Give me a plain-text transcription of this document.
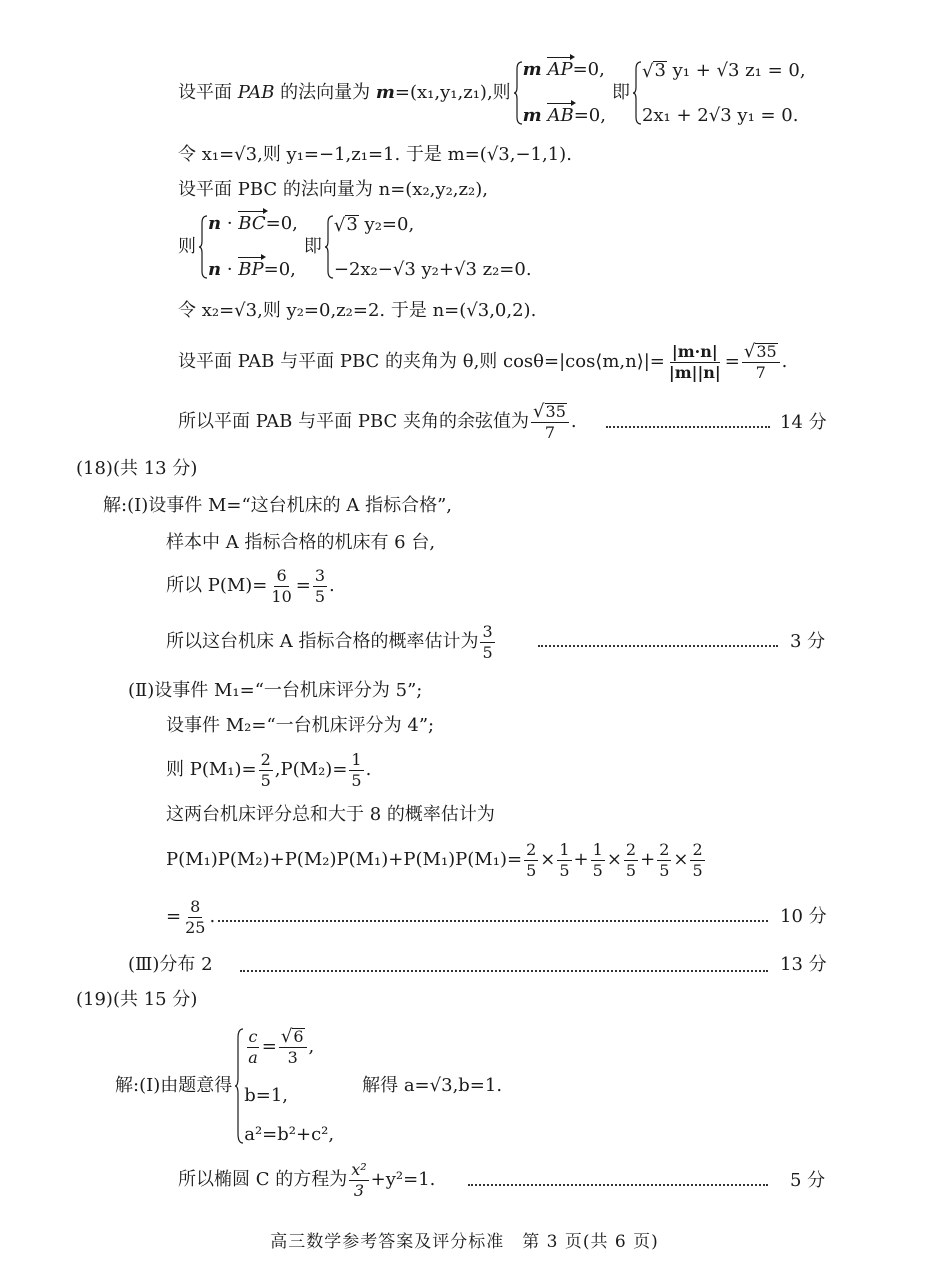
设平面 PAB 的法向量为 m=(x₁,y₁,z₁),则
m
AP =0,
m
AB =0,
即
√ 3
y₁ + √3 z₁ = 0,
2x₁ + 2√3 y₁ = 0.
令 x₁=√3,则 y₁=−1,z₁=1. 于是 m=(√3,−1,1).
设平面 PBC 的法向量为 n=(x₂,y₂,z₂),
则
n · BC =0,
n · BP =0,
即
√ 3
y₂=0,
−2x₂−√3 y₂+√3 z₂=0.
令 x₂=√3,则 y₂=0,z₂=2. 于是 n=(√3,0,2).
设平面 PAB 与平面 PBC 的夹角为 θ,则 cosθ=|cos⟨m,n⟩|= $\frac{|m\cdot n|}{|m||n|} = \frac{√ 35}{7}$ .
所以平面 PAB 与平面 PBC 夹角的余弦值为 $\frac{√ 35}{7}$ .	14 分
(18)(共 13 分)
解:(Ⅰ)设事件 M=“这台机床的 A 指标合格”,
样本中 A 指标合格的机床有 6 台,
所以 $P(M)= \frac{6}{10} = \frac{3}{5}$ .
所以这台机床 A 指标合格的概率估计为 $\frac{3}{5}$	3 分
(Ⅱ)设事件 M₁=“一台机床评分为 5”;
设事件 M₂=“一台机床评分为 4”;
则 $P(M_1)= \frac{2}{5} ,P(M_2)= \frac{1}{5}$ .
这两台机床评分总和大于 8 的概率估计为
$P(M_1)P(M_2)+P(M_2)P(M_1)+P(M_1)P(M_1)= \frac{2}{5} \times \frac{1}{5} + \frac{1}{5} \times \frac{2}{5} + \frac{2}{5} \times \frac{2}{5}$
= $\frac{8}{25}$ .	10 分
(Ⅲ)分布 2	13 分
(19)(共 15 分)
解:(Ⅰ)由题意得
$\frac{c}{a} = \frac{√ 6}{3}$ ,
b=1,
a²=b²+c²,
解得 a=√3,b=1.
所以椭圆 C 的方程为 $\frac{\text{x²}}{3} +y^2=1$.	5 分
高三数学参考答案及评分标准　第 3 页(共 6 页)
